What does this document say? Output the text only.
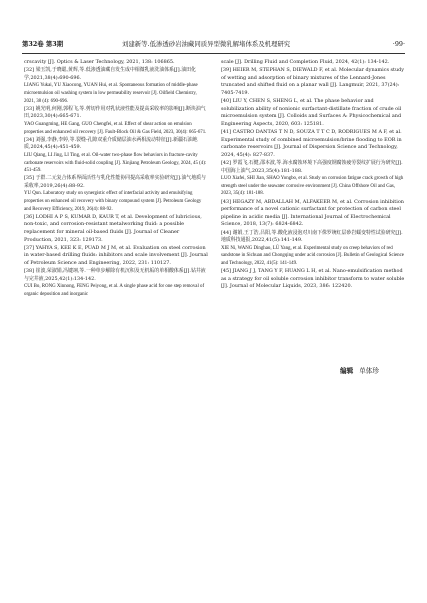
第32卷 第3期	刘建新等.低渗透砂岩油藏同质异型微乳解堵体系及机理研究	·99·
crscavity [J]. Optics & Laser Technology, 2021, 138: 106865.
[32] 梁玉凯,于晓聪,黄辉,等.低渗透油藏自发生成中相微乳液洗油体系[J].油田化学,2021,38(4):690-696.
LIANG Yukai, YU Xiaocong, YUAN Hui, et al. Spontaneous formation of middle-phase microemulsion oil washing system in low permeability reservoir [J]. Oilfield Chemistry, 2021, 38 (4): 690-696.
[33] 姚光明,何刚,郭程飞,等.剪切作用对乳状液性能及提高采收率的影响[J].断块油气田,2023,30(4):665-671.
YAO Guangming, HE Gang, GUO Chengfei, et al. Effect of shear action on emulsion properties and enhanced oil recovery [J]. Fault-Block Oil & Gas Field, 2023, 30(4): 665-671.
[34] 刘强,李静,李婷,等.裂缝-孔隙双重介质储层油水两相流动特征[J].新疆石油地质,2024,45(4):451-459.
LIU Qiang, LI Jing, LI Ting, et al. Oil-water two-phase flow behaviors in fracture-cavity carbonate reservoirs with fluid-solid coupling [J]. Xinjiang Petroleum Geology, 2024, 45 (4): 451-459.
[35] 于群.二元复合体系界面活性与乳化性能协同提高采收率实验研究[J].油气地质与采收率,2019,26(4):88-92.
YU Qun. Laboratory study on synergistic effect of interfacial activity and emulsifying properties on enhanced oil recovery with binary compound system [J]. Petroleum Geology and Recovery Efficiency, 2019, 26(4): 88-92.
[36] LODHI A P S, KUMAR D, KAUR T, et al. Development of lubricious, non-toxic, and corrosion-resistant metalworking fluid: a possible replacement for mineral oil-based fluids [J]. Journal of Cleaner Production, 2021, 323: 129173.
[37] YAHYA S, KEE K E, PUAD M J M, et al. Evaluation on steel corrosion in water-based drilling fluids: inhibitors and scale involvement [J]. Journal of Petroleum Science and Engineering, 2022, 231: 110127.
[38] 崔波,荣淑娟,冯键翊,等.一种单步解除有机沉积及无机垢的单相酸体系[J].钻井液与完井液,2025,42(1):134-142.
CUI Bo, RONG Xinnong, FENG Peiyong, et al. A single phase acid for one step removal of organic deposition and inorganic
scale [J]. Drilling Fluid and Completion Fluid, 2024, 42(1): 134-142.
[39] HEIER M, STEPHAN S, DIEWALD F, et al. Molecular dynamics study of wetting and adsorption of binary mixtures of the Lennard-Jones truncated and shifted fluid on a planar wall [J]. Langmuir, 2021, 37(24): 7405-7419.
[40] LIU Y, CHEN S, SHENG L, et al. The phase behavior and solubilization ability of nonionic surfactant-distillate fraction of crude oil microemulsion system [J]. Colloids and Surfaces A: Physicochemical and Engineering Aspects, 2020, 603: 125181.
[41] CASTRO DANTAS T N D, SOUZA T T C D, RODRIGUES M A F, et al. Experimental study of combined microemulsion/brine flooding to EOR in carbonate reservoirs [J]. Journal of Dispersion Science and Technology, 2024, 45(4): 827-837.
[42] 罗霞飞,石健,邵本波,等.海水腐蚀环境下高强度钢腐蚀疲劳裂纹扩展行为研究[J].中国海上油气,2023,35(4):181-188.
LUO Xiafei, SHI Jian, SHAO Yongbo, et al. Study on corrosion fatigue crack growth of high strength steel under the seawater corrosive environment [J]. China Offshore Oil and Gas, 2023, 35(4): 181-188.
[43] HEGAZY M, ABDALLAH M, ALFAKEER M, et al. Corrosion inhibition performance of a novel cationic surfactant for protection of carbon steel pipeline in acidic media [J]. International Journal of Electrochemical Science, 2018, 13(7): 6824-6842.
[44] 谢娟,王丁浩,吕阳,等.酸化液浸泡对川南下侏罗统红层砂岩蠕变特性试验研究[J].地质科技通报,2022,41(5):141-149.
XIE Ni, WANG Dinghao, LÜ Yang, et al. Experimental study on creep behaviors of red sandstone in Sichuan and Chongqing under acid corrosion [J]. Bulletin of Geological Science and Technology, 2022, 41(5): 141-149.
[45] JIANG J J, TANG Y F, HUANG L H, et al. Nano-emulsification method as a strategy for oil soluble corrosion inhibitor transform to water soluble [J]. Journal of Molecular Liquids, 2023, 386: 122420.
编辑 单体珍
